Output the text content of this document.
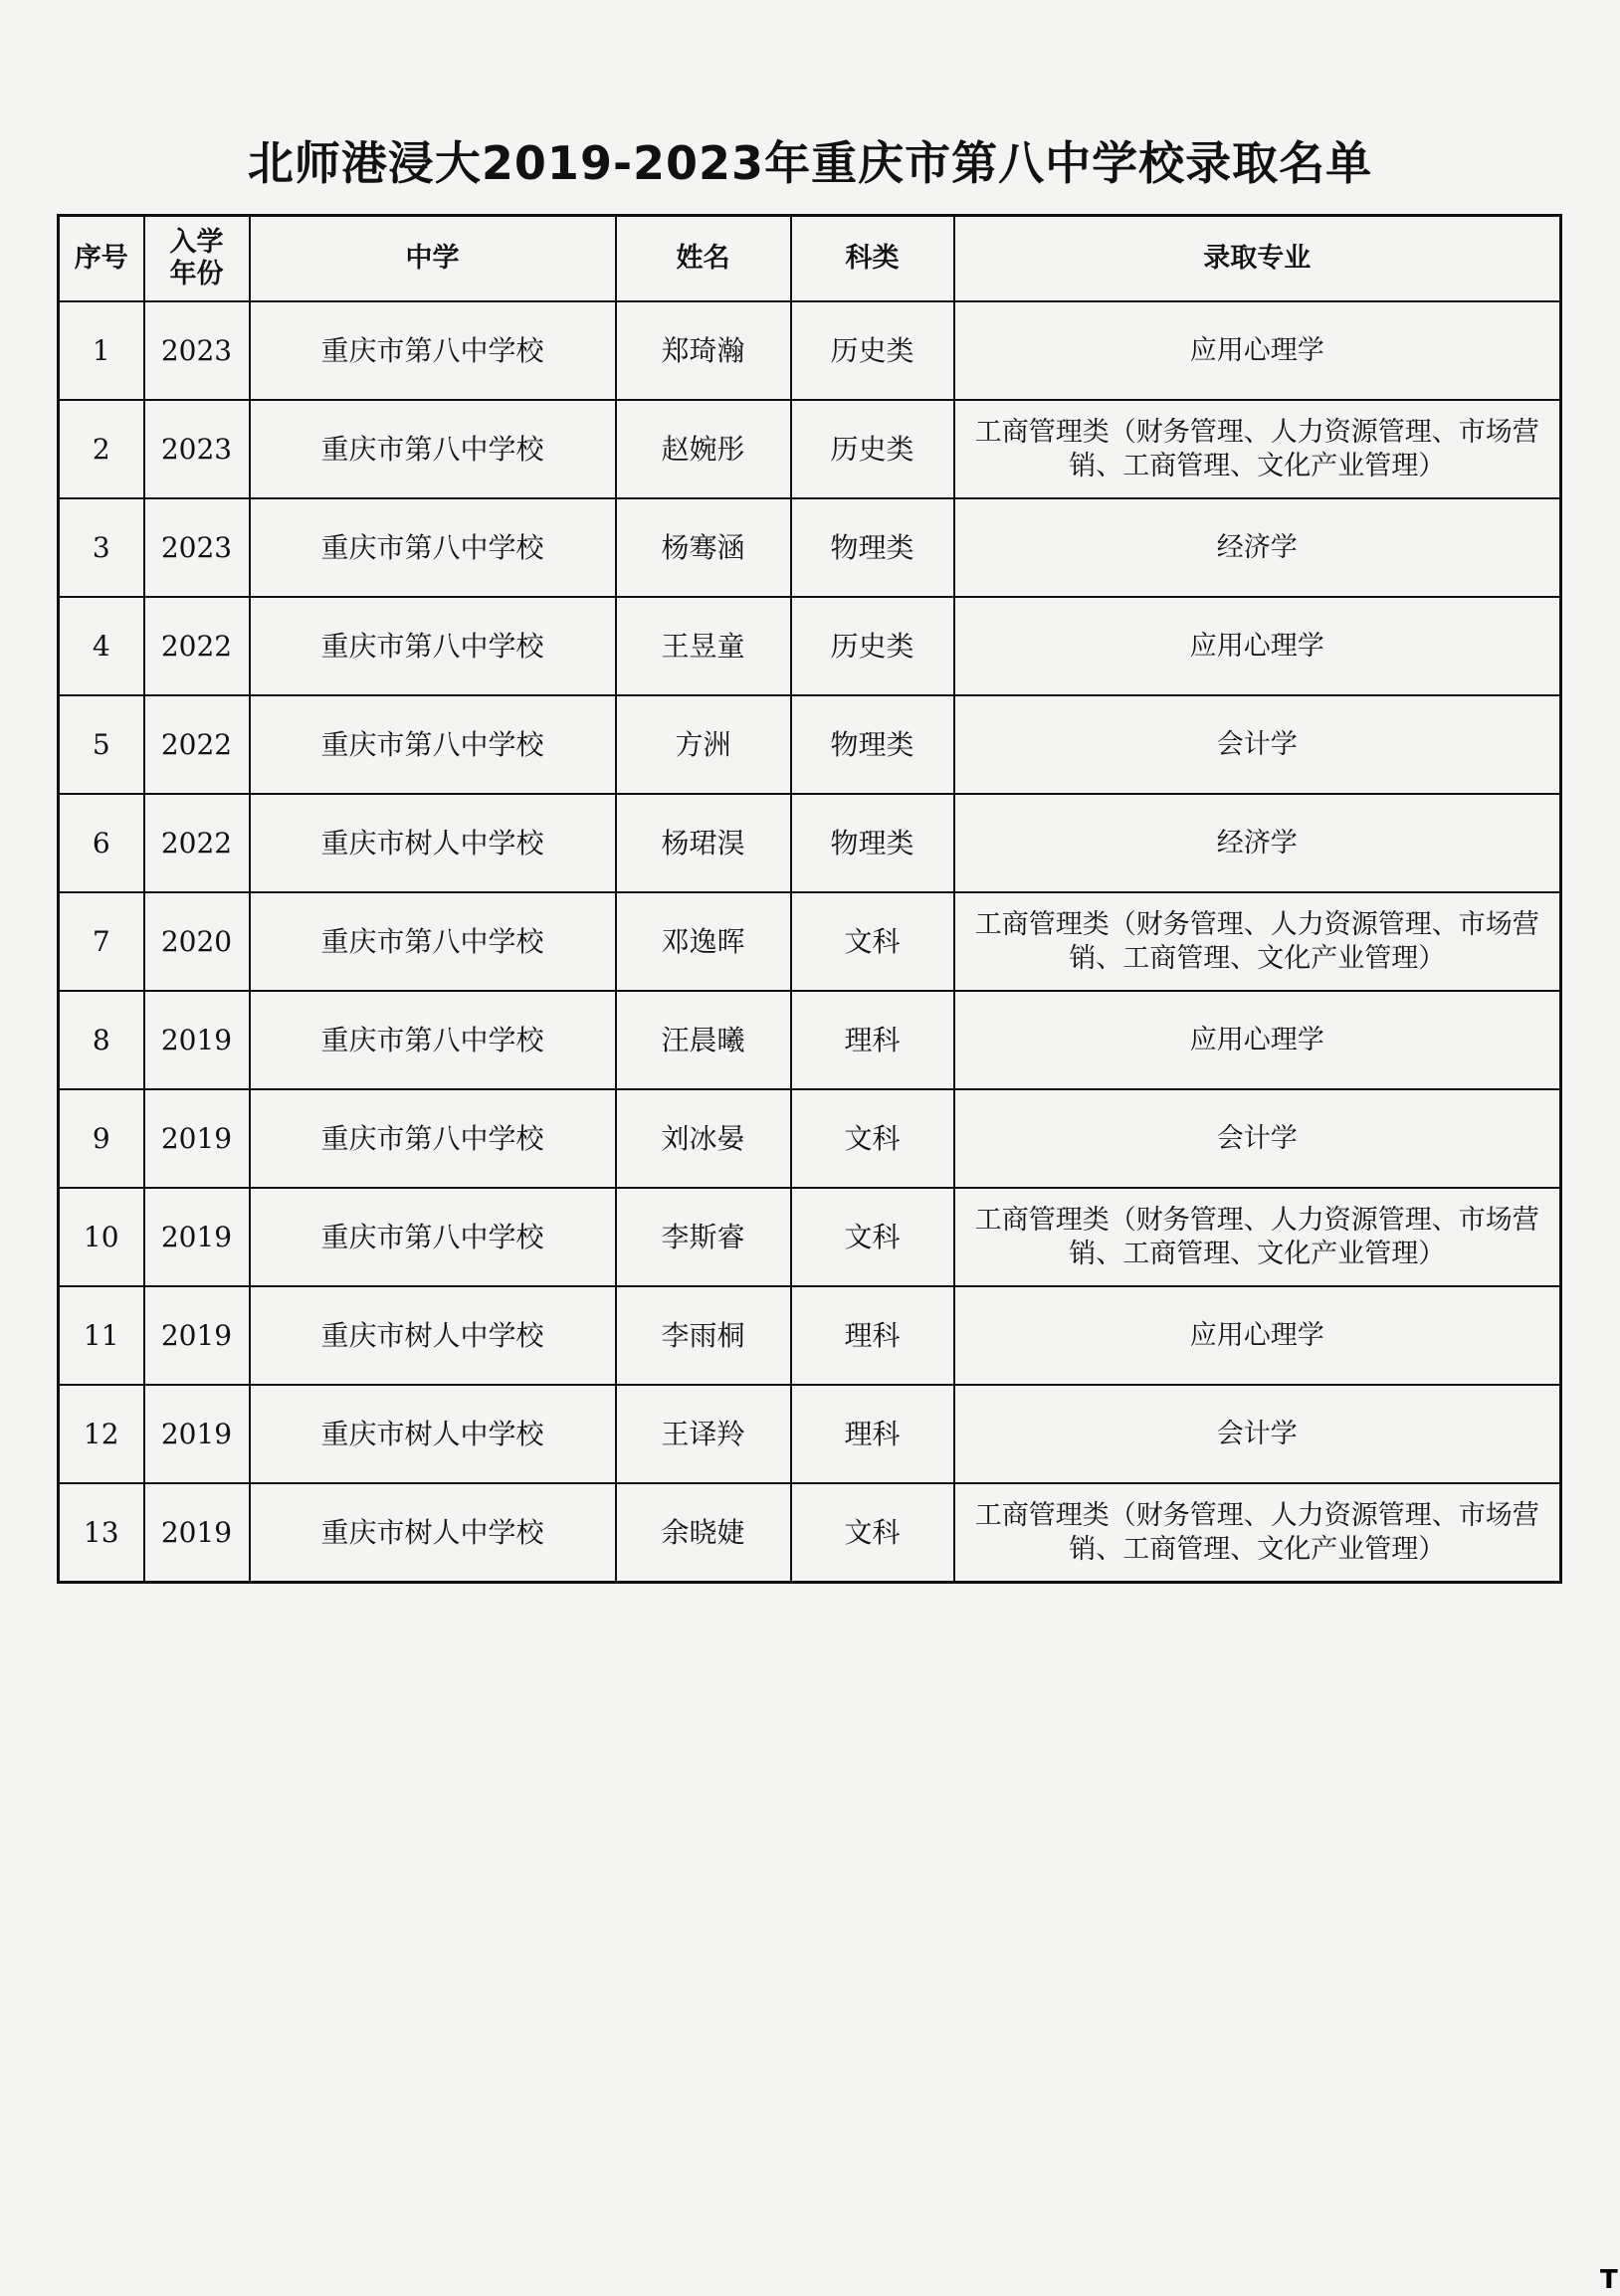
北师港浸大2019-2023年重庆市第八中学校录取名单
序号	入学年份	中学	姓名	科类	录取专业
1	2023	重庆市第八中学校	郑琦瀚	历史类	应用心理学
2	2023	重庆市第八中学校	赵婉彤	历史类	工商管理类（财务管理、人力资源管理、市场营销、工商管理、文化产业管理）
3	2023	重庆市第八中学校	杨骞涵	物理类	经济学
4	2022	重庆市第八中学校	王昱童	历史类	应用心理学
5	2022	重庆市第八中学校	方洲	物理类	会计学
6	2022	重庆市树人中学校	杨珺淏	物理类	经济学
7	2020	重庆市第八中学校	邓逸晖	文科	工商管理类（财务管理、人力资源管理、市场营销、工商管理、文化产业管理）
8	2019	重庆市第八中学校	汪晨曦	理科	应用心理学
9	2019	重庆市第八中学校	刘冰晏	文科	会计学
10	2019	重庆市第八中学校	李斯睿	文科	工商管理类（财务管理、人力资源管理、市场营销、工商管理、文化产业管理）
11	2019	重庆市树人中学校	李雨桐	理科	应用心理学
12	2019	重庆市树人中学校	王译羚	理科	会计学
13	2019	重庆市树人中学校	余晓婕	文科	工商管理类（财务管理、人力资源管理、市场营销、工商管理、文化产业管理）
T
